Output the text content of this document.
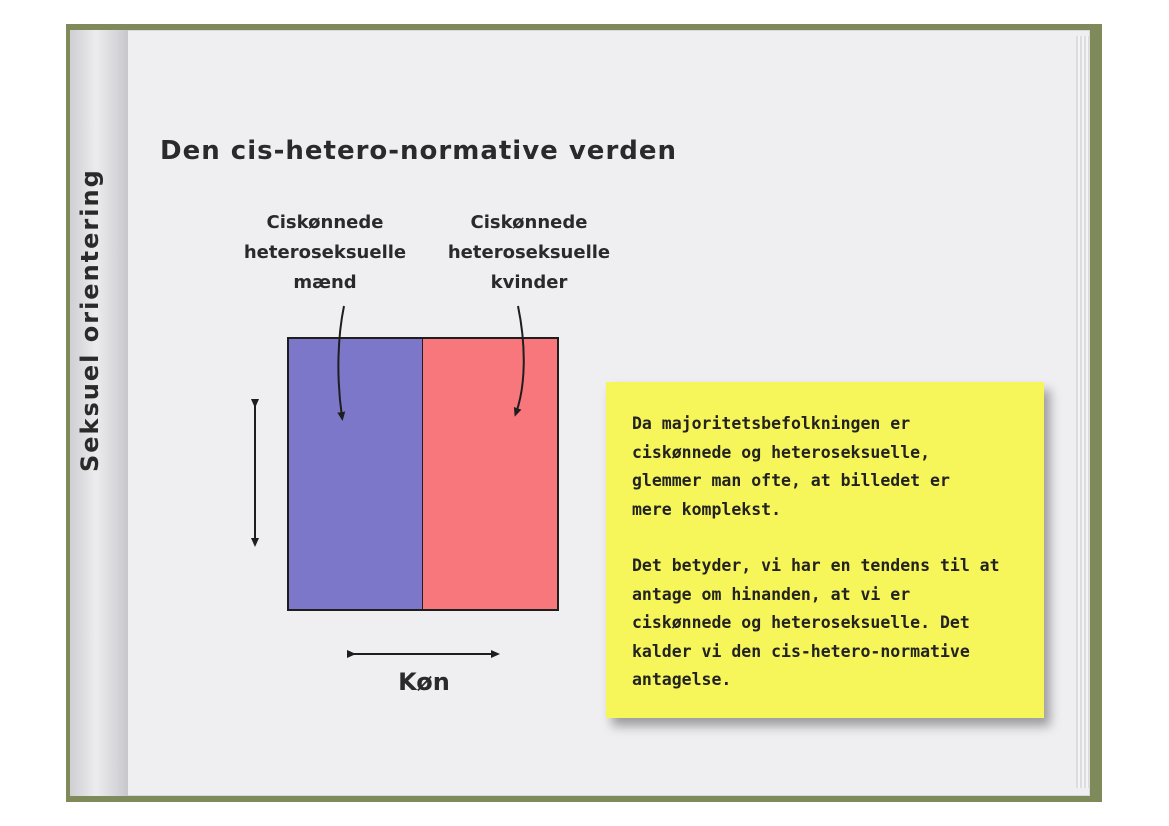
Den cis-hetero-normative verden
Ciskønnede
heteroseksuelle
mænd
Ciskønnede
heteroseksuelle
kvinder
Seksuel orientering
Køn
Da majoritetsbefolkningen er
ciskønnede og heteroseksuelle,
glemmer man ofte, at billedet er
mere komplekst.
Det betyder, vi har en tendens til at
antage om hinanden, at vi er
ciskønnede og heteroseksuelle. Det
kalder vi den cis-hetero-normative
antagelse.
